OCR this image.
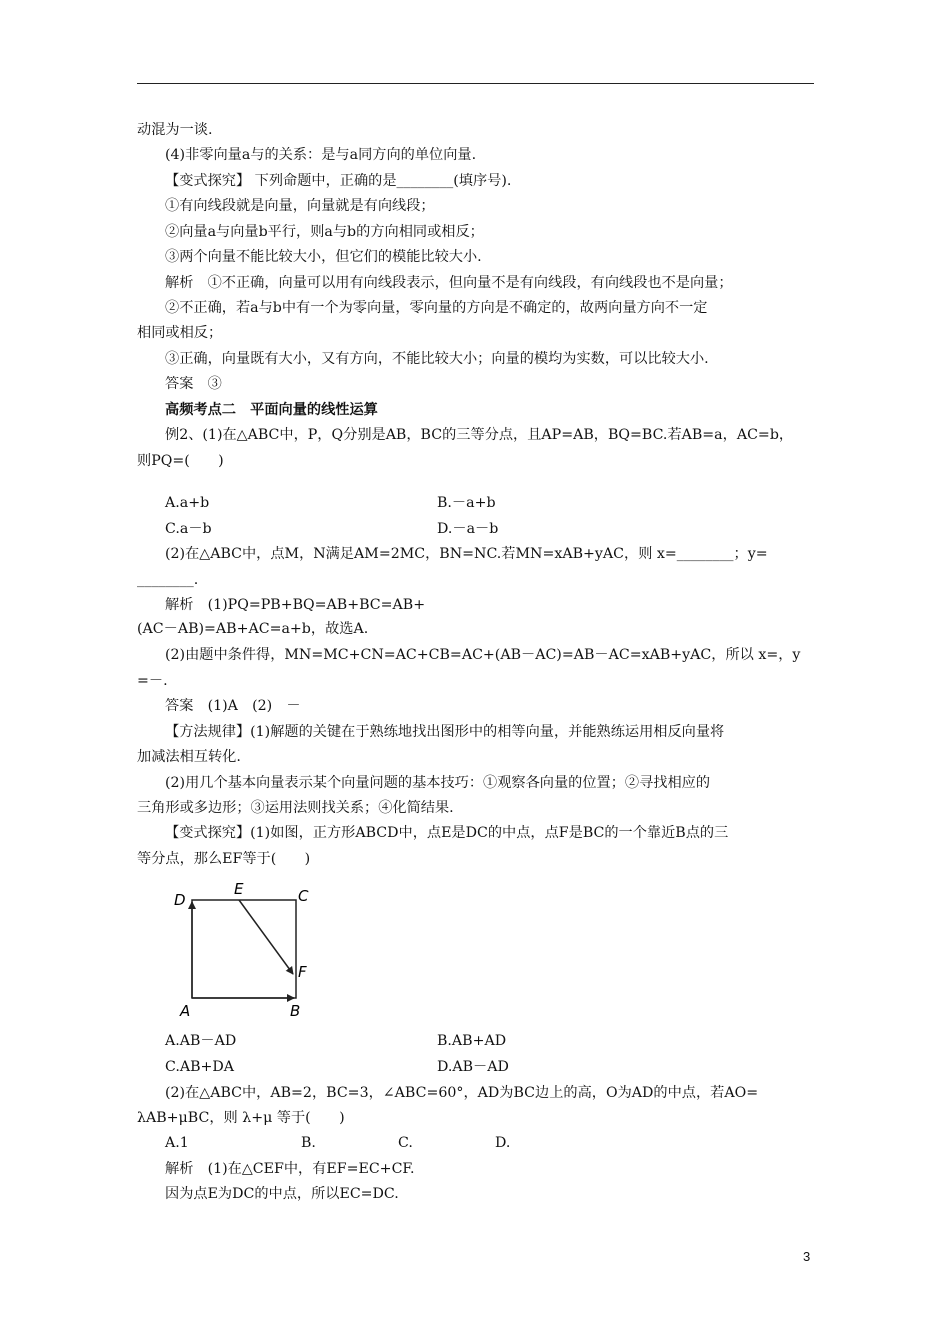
动混为一谈.
(4)非零向量a与的关系：是与a同方向的单位向量.
【变式探究】 下列命题中，正确的是________(填序号).
①有向线段就是向量，向量就是有向线段；
②向量a与向量b平行，则a与b的方向相同或相反；
③两个向量不能比较大小，但它们的模能比较大小.
解析　①不正确，向量可以用有向线段表示，但向量不是有向线段，有向线段也不是向量；
②不正确，若a与b中有一个为零向量，零向量的方向是不确定的，故两向量方向不一定
相同或相反；
③正确，向量既有大小，又有方向，不能比较大小；向量的模均为实数，可以比较大小.
答案　③
高频考点二　平面向量的线性运算
例2、(1)在△ABC中，P，Q分别是AB，BC的三等分点，且AP=AB，BQ=BC.若AB=a，AC=b，
则PQ=(　　)
A.a+b	B.－a+b
C.a－b	D.－a－b
(2)在△ABC中，点M，N满足AM=2MC，BN=NC.若MN=xAB+yAC，则 x=________；y=
________.
解析　(1)PQ=PB+BQ=AB+BC=AB+
(AC－AB)=AB+AC=a+b，故选A.
(2)由题中条件得，MN=MC+CN=AC+CB=AC+(AB－AC)=AB－AC=xAB+yAC，所以 x=，y
=－.
答案　(1)A　(2)　－
【方法规律】(1)解题的关键在于熟练地找出图形中的相等向量，并能熟练运用相反向量将
加减法相互转化.
(2)用几个基本向量表示某个向量问题的基本技巧：①观察各向量的位置；②寻找相应的
三角形或多边形；③运用法则找关系；④化简结果.
【变式探究】(1)如图，正方形ABCD中，点E是DC的中点，点F是BC的一个靠近B点的三
等分点，那么EF等于(　　)
D
E	C
F
A	B
A.AB－AD	B.AB+AD
C.AB+DA	D.AB－AD
(2)在△ABC中，AB=2，BC=3，∠ABC=60°，AD为BC边上的高，O为AD的中点，若AO=
λAB+μBC，则 λ+μ 等于(　　)
A.1	B.	C.	D.
解析　(1)在△CEF中，有EF=EC+CF.
因为点E为DC的中点，所以EC=DC.
3
